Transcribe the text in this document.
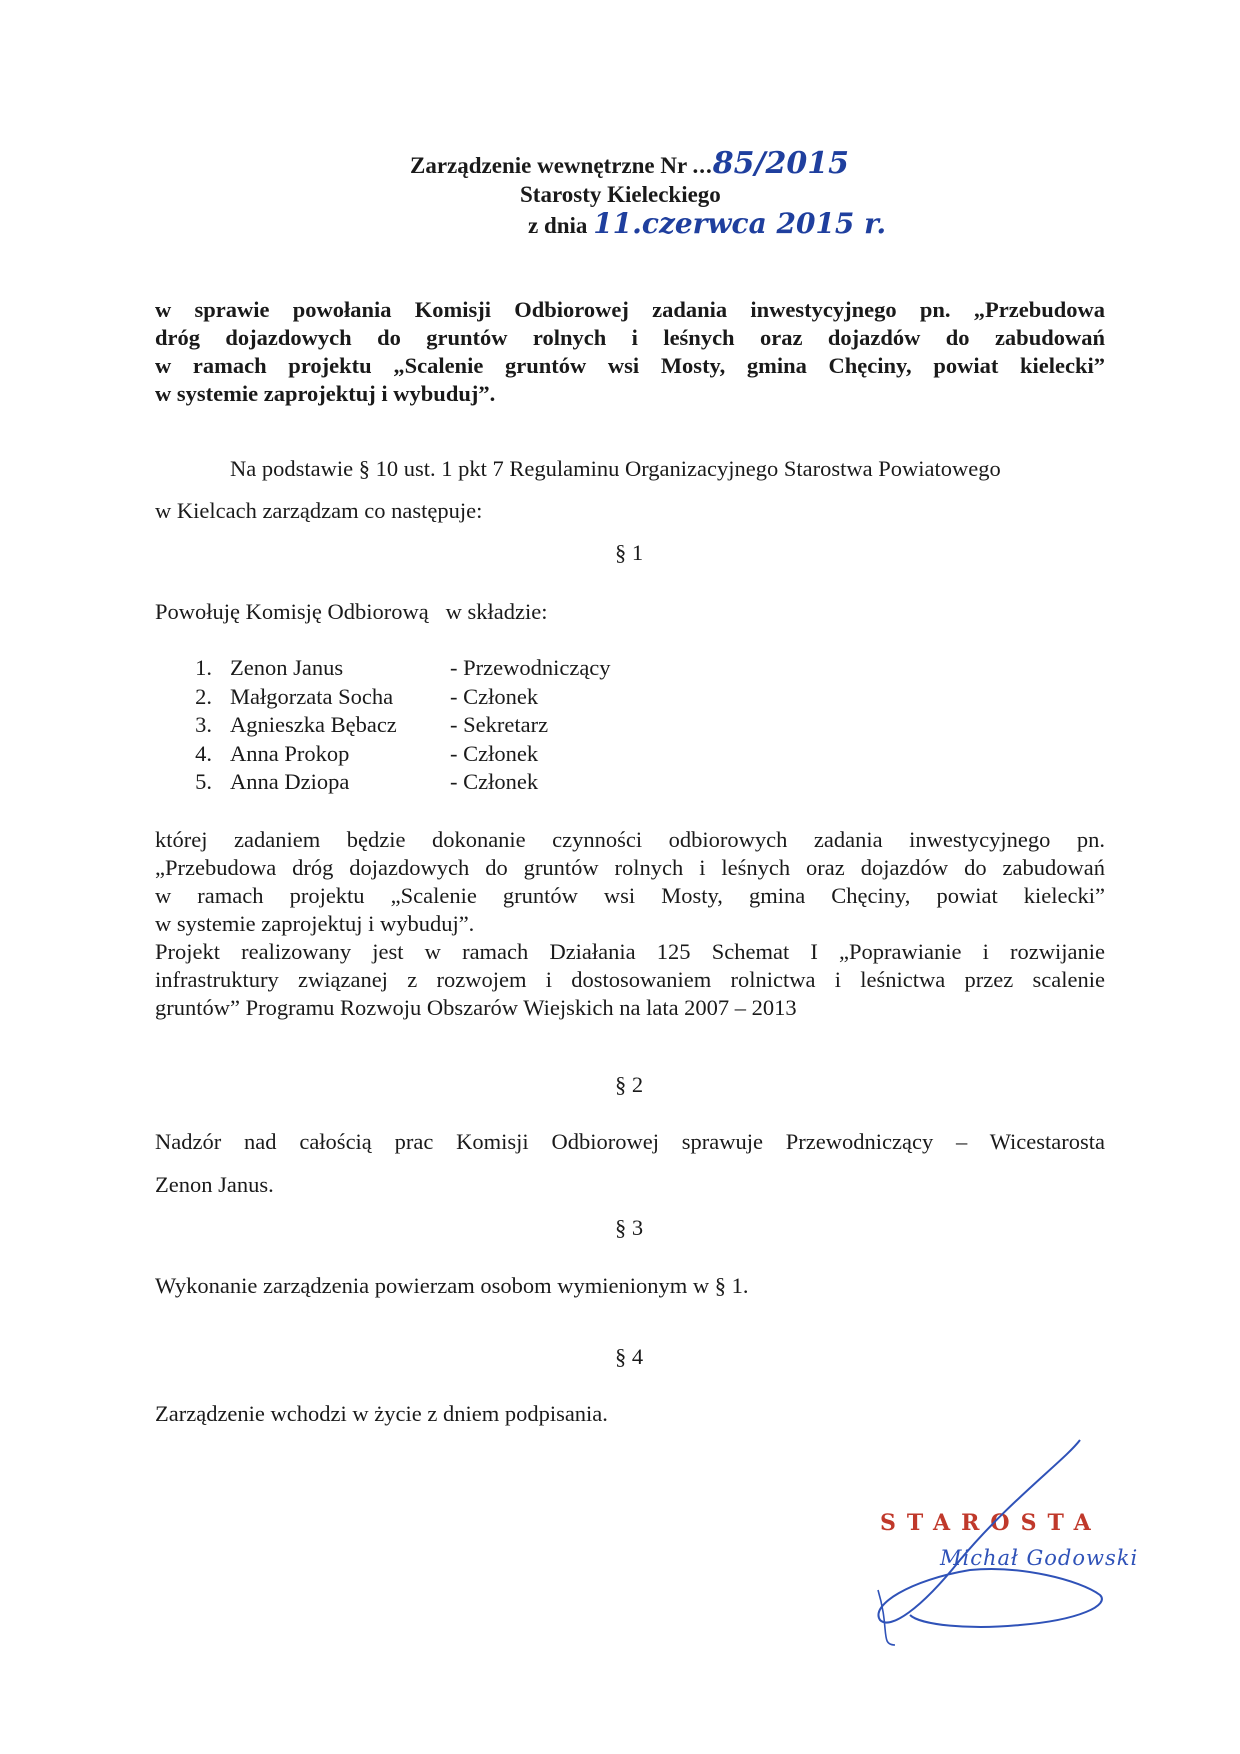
Zarządzenie wewnętrzne Nr ...85/2015
Starosty Kieleckiego
z dnia 11.czerwca 2015 r.
w sprawie powołania Komisji Odbiorowej zadania inwestycyjnego pn. „Przebudowa
dróg dojazdowych do gruntów rolnych i leśnych oraz dojazdów do zabudowań
w ramach projektu „Scalenie gruntów wsi Mosty, gmina Chęciny, powiat kielecki”
w systemie zaprojektuj i wybuduj”.
Na podstawie § 10 ust. 1 pkt 7 Regulaminu Organizacyjnego Starostwa Powiatowego
w Kielcach zarządzam co następuje:
§ 1
Powołuję Komisję Odbiorową   w składzie:
1. Zenon Janus	- Przewodniczący
2. Małgorzata Socha	- Członek
3. Agnieszka Bębacz - Sekretarz
4. Anna Prokop	- Członek
5. Anna Dziopa	- Członek
której zadaniem będzie dokonanie czynności odbiorowych zadania inwestycyjnego pn.
„Przebudowa dróg dojazdowych do gruntów rolnych i leśnych oraz dojazdów do zabudowań
w ramach projektu „Scalenie gruntów wsi Mosty, gmina Chęciny, powiat kielecki”
w systemie zaprojektuj i wybuduj”.
Projekt realizowany jest w ramach Działania 125 Schemat I „Poprawianie i rozwijanie
infrastruktury związanej z rozwojem i dostosowaniem rolnictwa i leśnictwa przez scalenie
gruntów” Programu Rozwoju Obszarów Wiejskich na lata 2007 – 2013
§ 2
Nadzór nad całością prac Komisji Odbiorowej sprawuje Przewodniczący – Wicestarosta
Zenon Janus.
§ 3
Wykonanie zarządzenia powierzam osobom wymienionym w § 1.
§ 4
Zarządzenie wchodzi w życie z dniem podpisania.
STAROSTA
Michał Godowski
